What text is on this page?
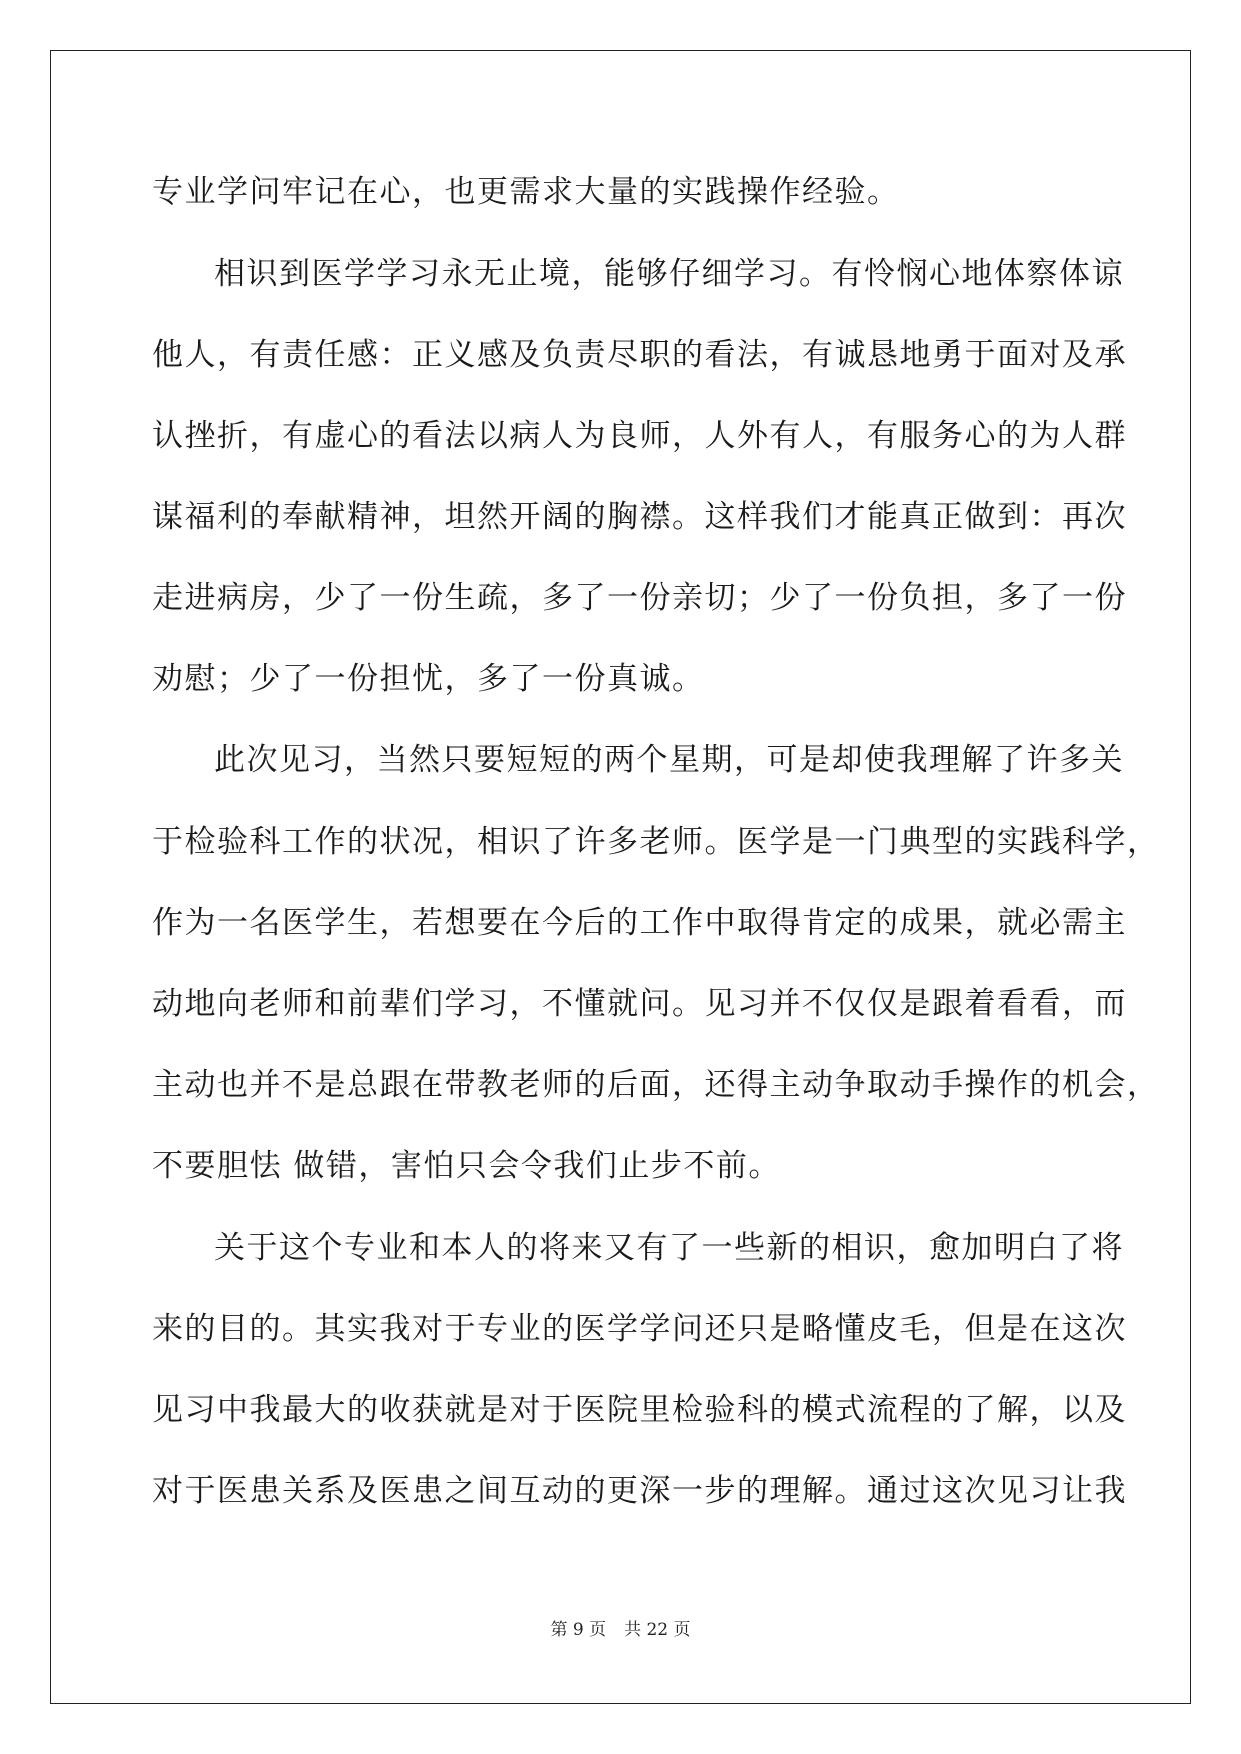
专业学问牢记在心，也更需求大量的实践操作经验。
相识到医学学习永无止境，能够仔细学习。有怜悯心地体察体谅
他人，有责任感：正义感及负责尽职的看法，有诚恳地勇于面对及承
认挫折，有虚心的看法以病人为良师，人外有人，有服务心的为人群
谋福利的奉献精神，坦然开阔的胸襟。这样我们才能真正做到：再次
走进病房，少了一份生疏，多了一份亲切；少了一份负担，多了一份
劝慰；少了一份担忧，多了一份真诚。
此次见习，当然只要短短的两个星期，可是却使我理解了许多关
于检验科工作的状况，相识了许多老师。医学是一门典型的实践科学，
作为一名医学生，若想要在今后的工作中取得肯定的成果，就必需主
动地向老师和前辈们学习，不懂就问。见习并不仅仅是跟着看看，而
主动也并不是总跟在带教老师的后面，还得主动争取动手操作的机会，
不要胆怯 做错，害怕只会令我们止步不前。
关于这个专业和本人的将来又有了一些新的相识，愈加明白了将
来的目的。其实我对于专业的医学学问还只是略懂皮毛，但是在这次
见习中我最大的收获就是对于医院里检验科的模式流程的了解，以及
对于医患关系及医患之间互动的更深一步的理解。通过这次见习让我
第 9 页 共 22 页
